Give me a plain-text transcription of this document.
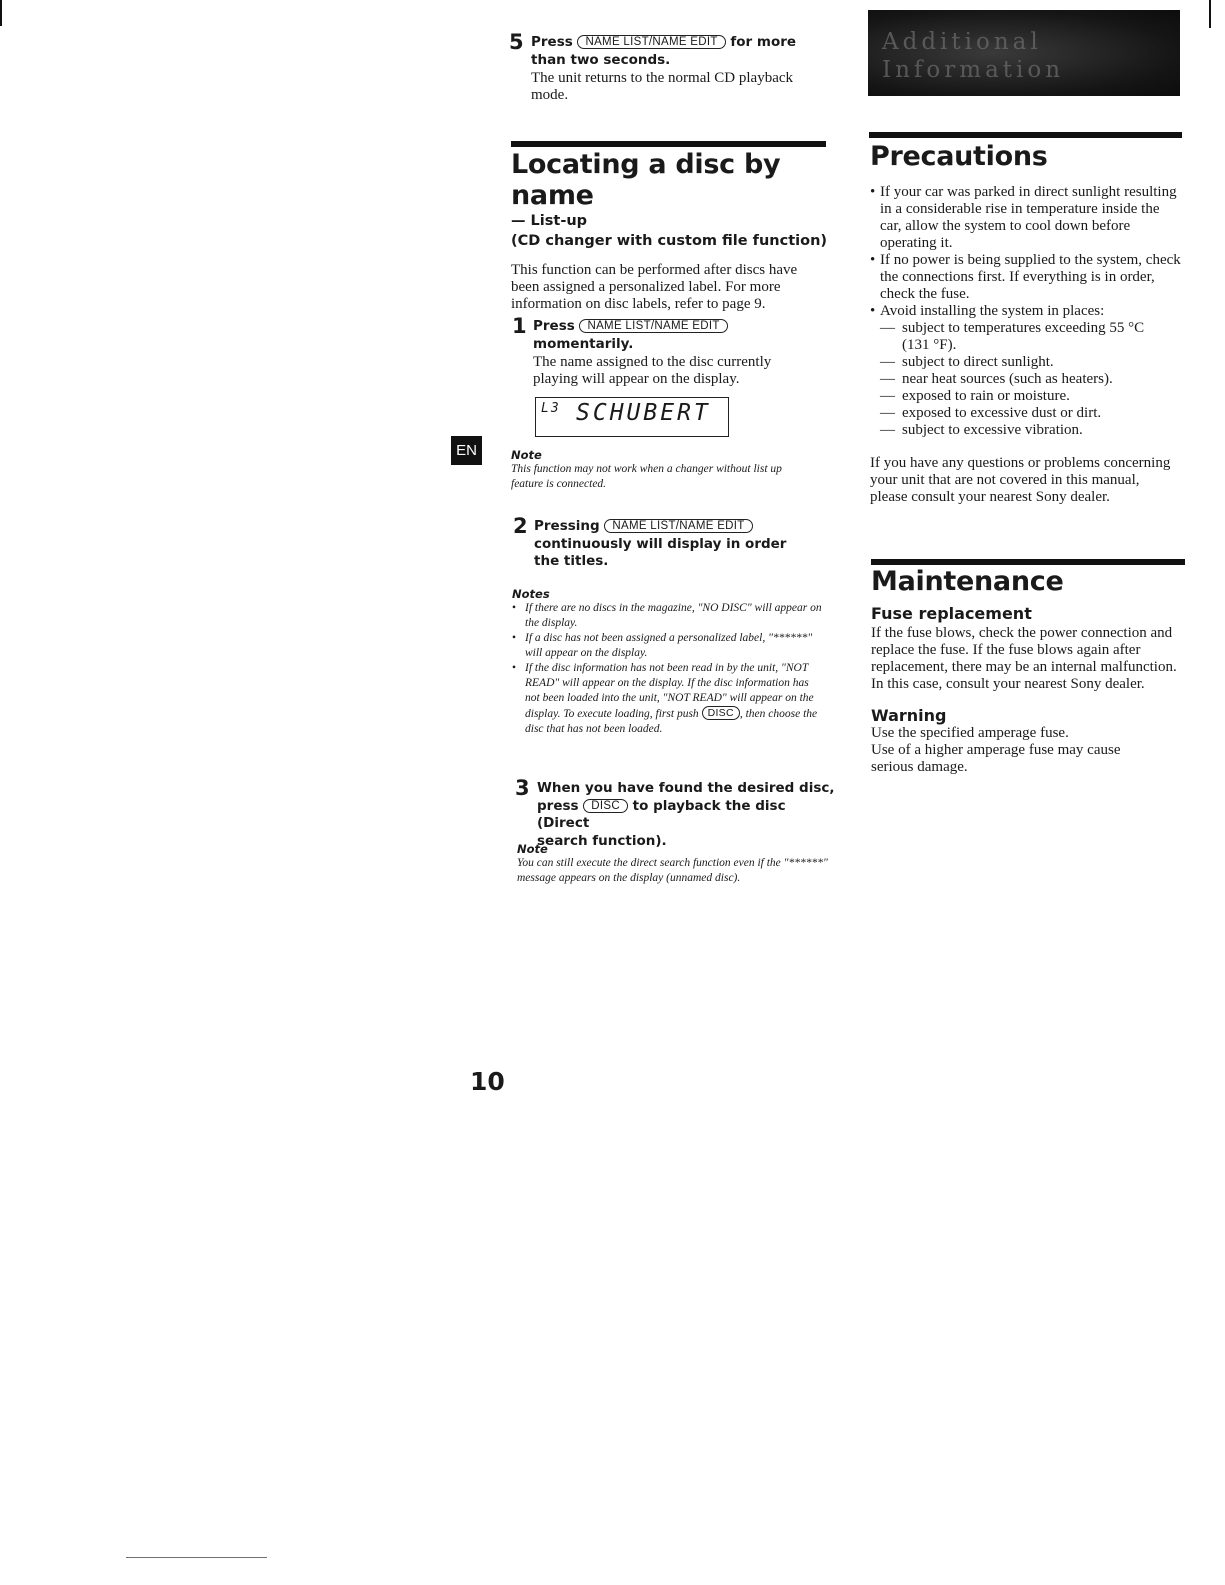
Additional Information
5 Press NAME LIST/NAME EDIT for more
than two seconds.
The unit returns to the normal CD playback mode.
EN
Locating a disc by name
— List-up
(CD changer with custom file function)
This function can be performed after discs have been assigned a personalized label. For more information on disc labels, refer to page 9.
1 Press NAME LIST/NAME EDIT
momentarily.
The name assigned to the disc currently playing will appear on the display.
L3 SCHUBERT
Note
This function may not work when a changer without list up feature is connected.
2 Pressing NAME LIST/NAME EDIT
continuously will display in order the titles.
Notes
• If there are no discs in the magazine, "NO DISC" will appear on the display.
• If a disc has not been assigned a personalized label, "******" will appear on the display.
• If the disc information has not been read in by the unit, "NOT READ" will appear on the display. If the disc information has not been loaded into the unit, "NOT READ" will appear on the display. To execute loading, first push DISC , then choose the disc that has not been loaded.
3 When you have found the desired disc,
press DISC to playback the disc (Direct
search function).
Note
You can still execute the direct search function even if the "******" message appears on the display (unnamed disc).
Precautions
• If your car was parked in direct sunlight resulting in a considerable rise in temperature inside the car, allow the system to cool down before operating it.
• If no power is being supplied to the system, check the connections first. If everything is in order, check the fuse.
• Avoid installing the system in places:
— subject to temperatures exceeding 55 °C (131 °F).
— subject to direct sunlight.
— near heat sources (such as heaters).
— exposed to rain or moisture.
— exposed to excessive dust or dirt.
— subject to excessive vibration.
If you have any questions or problems concerning your unit that are not covered in this manual, please consult your nearest Sony dealer.
Maintenance
Fuse replacement
If the fuse blows, check the power connection and replace the fuse. If the fuse blows again after replacement, there may be an internal malfunction. In this case, consult your nearest Sony dealer.
Warning
Use the specified amperage fuse.
Use of a higher amperage fuse may cause serious damage.
10
